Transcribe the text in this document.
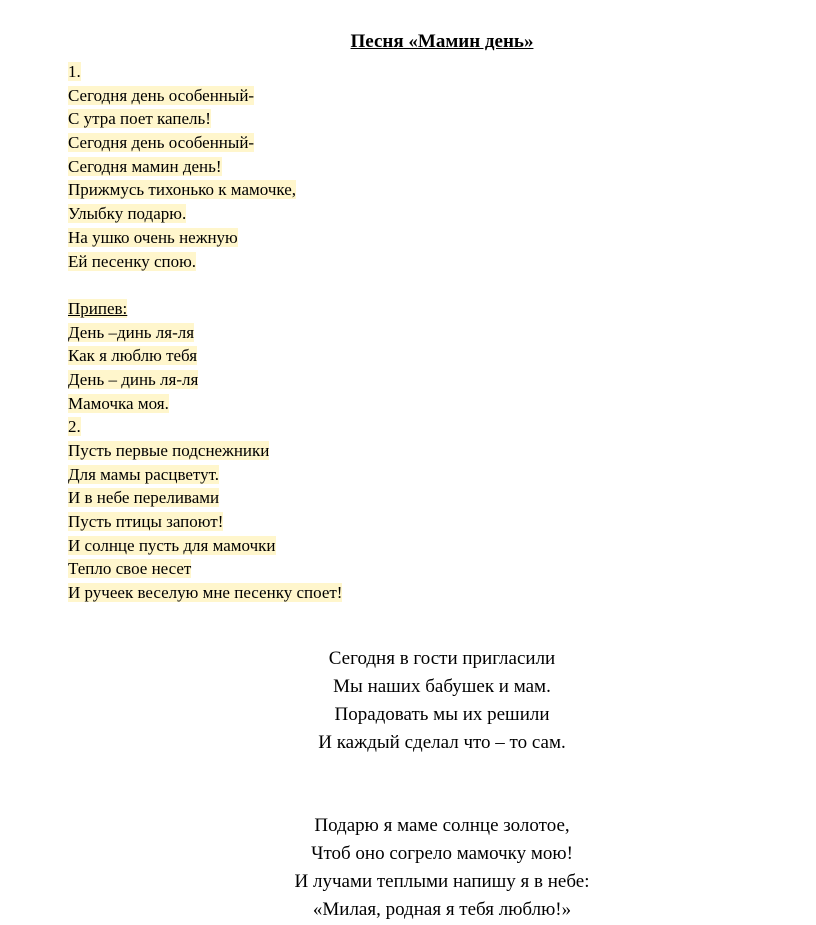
Песня «Мамин день»
1.
Сегодня день особенный-
С утра поет капель!
Сегодня день особенный-
Сегодня мамин день!
Прижмусь тихонько к мамочке,
Улыбку подарю.
На ушко очень нежную
Ей песенку спою.
Припев:
День –динь ля-ля
Как я люблю тебя
День – динь ля-ля
Мамочка моя.
2.
Пусть первые подснежники
Для мамы расцветут.
И в небе переливами
Пусть птицы запоют!
И солнце пусть для мамочки
Тепло свое несет
И ручеек веселую мне песенку споет!
Сегодня в гости пригласили
Мы наших бабушек и мам.
Порадовать мы их решили
И каждый сделал что – то сам.
Подарю я маме солнце золотое,
Чтоб оно согрело мамочку мою!
И лучами теплыми напишу я в небе:
«Милая, родная я тебя люблю!»
